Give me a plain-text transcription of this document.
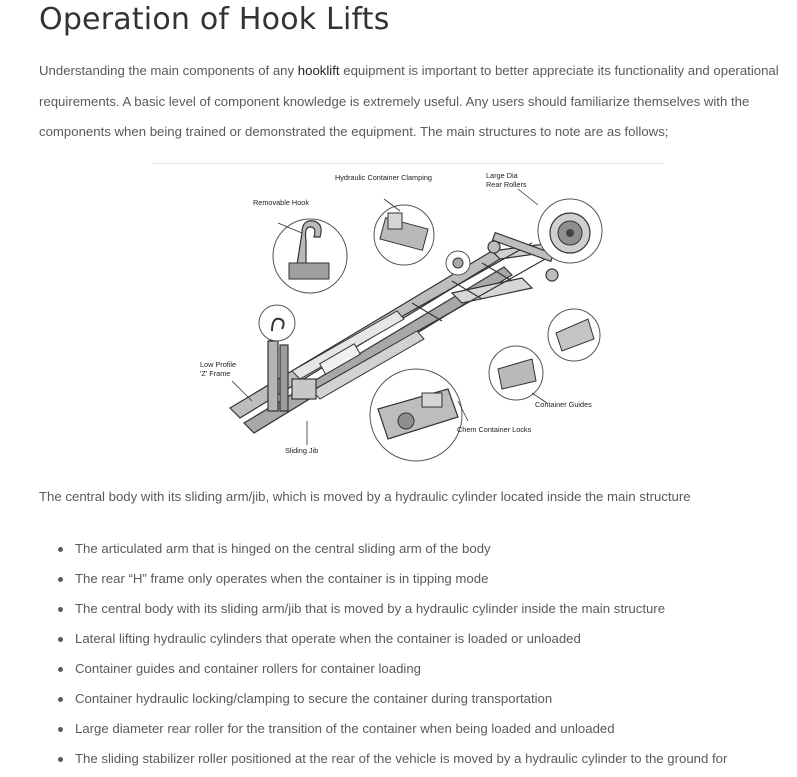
Operation of Hook Lifts

Understanding the main components of any hooklift equipment is important to better appreciate its functionality and operational requirements. A basic level of component knowledge is extremely useful. Any users should familiarize themselves with the components when being trained or demonstrated the equipment. The main structures to note are as follows;

Hydraulic Container Clamping	Large Dia
Rear Rollers
Removable Hook
Low Profile
'Z' Frame
Container Guides
Chem Container Locks
Sliding Jib

The central body with its sliding arm/jib, which is moved by a hydraulic cylinder located inside the main structure

The articulated arm that is hinged on the central sliding arm of the body
The rear “H” frame only operates when the container is in tipping mode
The central body with its sliding arm/jib that is moved by a hydraulic cylinder inside the main structure
Lateral lifting hydraulic cylinders that operate when the container is loaded or unloaded
Container guides and container rollers for container loading
Container hydraulic locking/clamping to secure the container during transportation
Large diameter rear roller for the transition of the container when being loaded and unloaded
The sliding stabilizer roller positioned at the rear of the vehicle is moved by a hydraulic cylinder to the ground for
